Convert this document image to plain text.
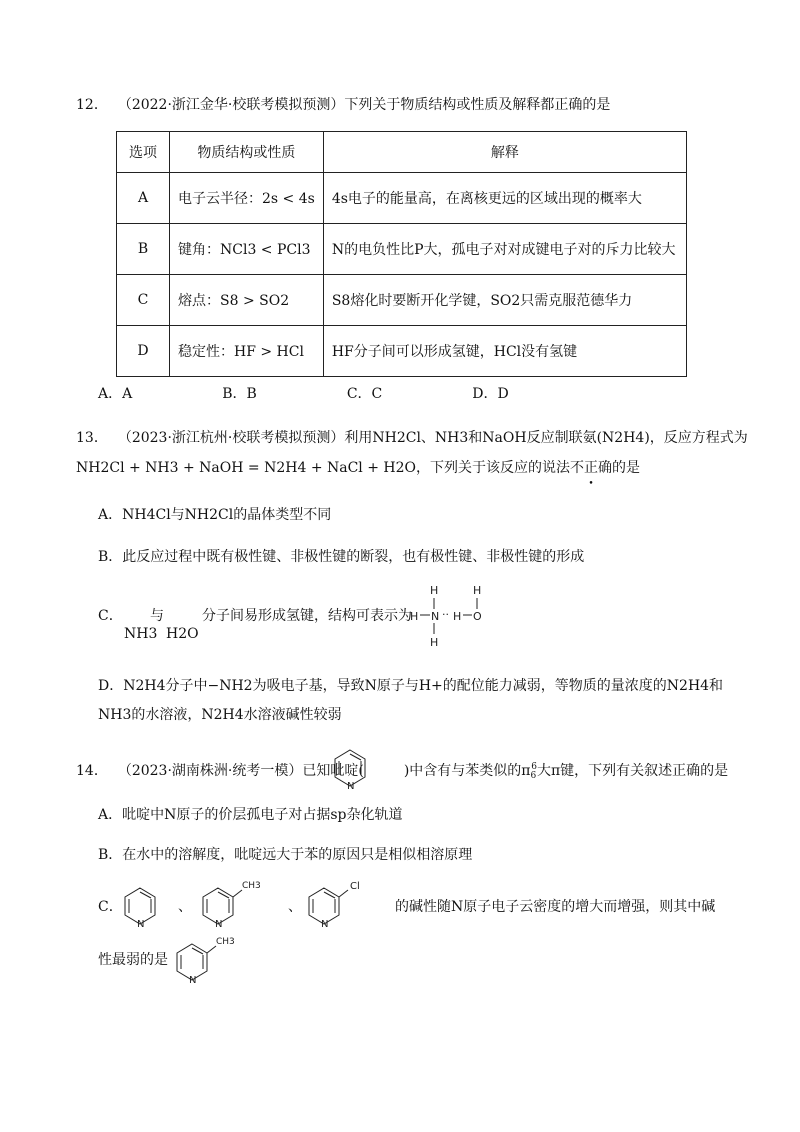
12． （2022·浙江金华·校联考模拟预测）下列关于物质结构或性质及解释都正确的是
选项	物质结构或性质	解释
A	电子云半径：2s < 4s	4s电子的能量高，在离核更远的区域出现的概率大
B	键角：NCl3 < PCl3	N的电负性比P大，孤电子对对成键电子对的斥力比较大
C	熔点：S8 > SO2	S8熔化时要断开化学键，SO2只需克服范德华力
D	稳定性：HF > HCl	HF分子间可以形成氢键，HCl没有氢键
A．A	B．B	C．C	D．D
13． （2023·浙江杭州·校联考模拟预测）利用NH2Cl、NH3和NaOH反应制联氨(N2H4)，反应方程式为
NH2Cl + NH3 + NaOH = N2H4 + NaCl + H2O，下列关于该反应的说法不正确的是
A．NH4Cl与NH2Cl的晶体类型不同
B．此反应过程中既有极性键、非极性键的断裂，也有极性键、非极性键的形成
C． 与	分子间易形成氢键，结构可表示为
NH3 H2O
H
H N ·· H O
H
H
D．N2H4分子中−NH2为吸电子基，导致N原子与H+的配位能力减弱，等物质的量浓度的N2H4和
NH3的水溶液，N2H4水溶液碱性较弱
14． （2023·湖南株洲·统考一模）已知吡啶(	)中含有与苯类似的$\pi_6^6$大π键，下列有关叙述正确的是
N
A．吡啶中N原子的价层孤电子对占据sp杂化轨道
B．在水中的溶解度，吡啶远大于苯的原因只是相似相溶原理
C．
N
、
CH3
N
、
Cl
N
的碱性随N原子电子云密度的增大而增强，则其中碱
性最弱的是
CH3
N
